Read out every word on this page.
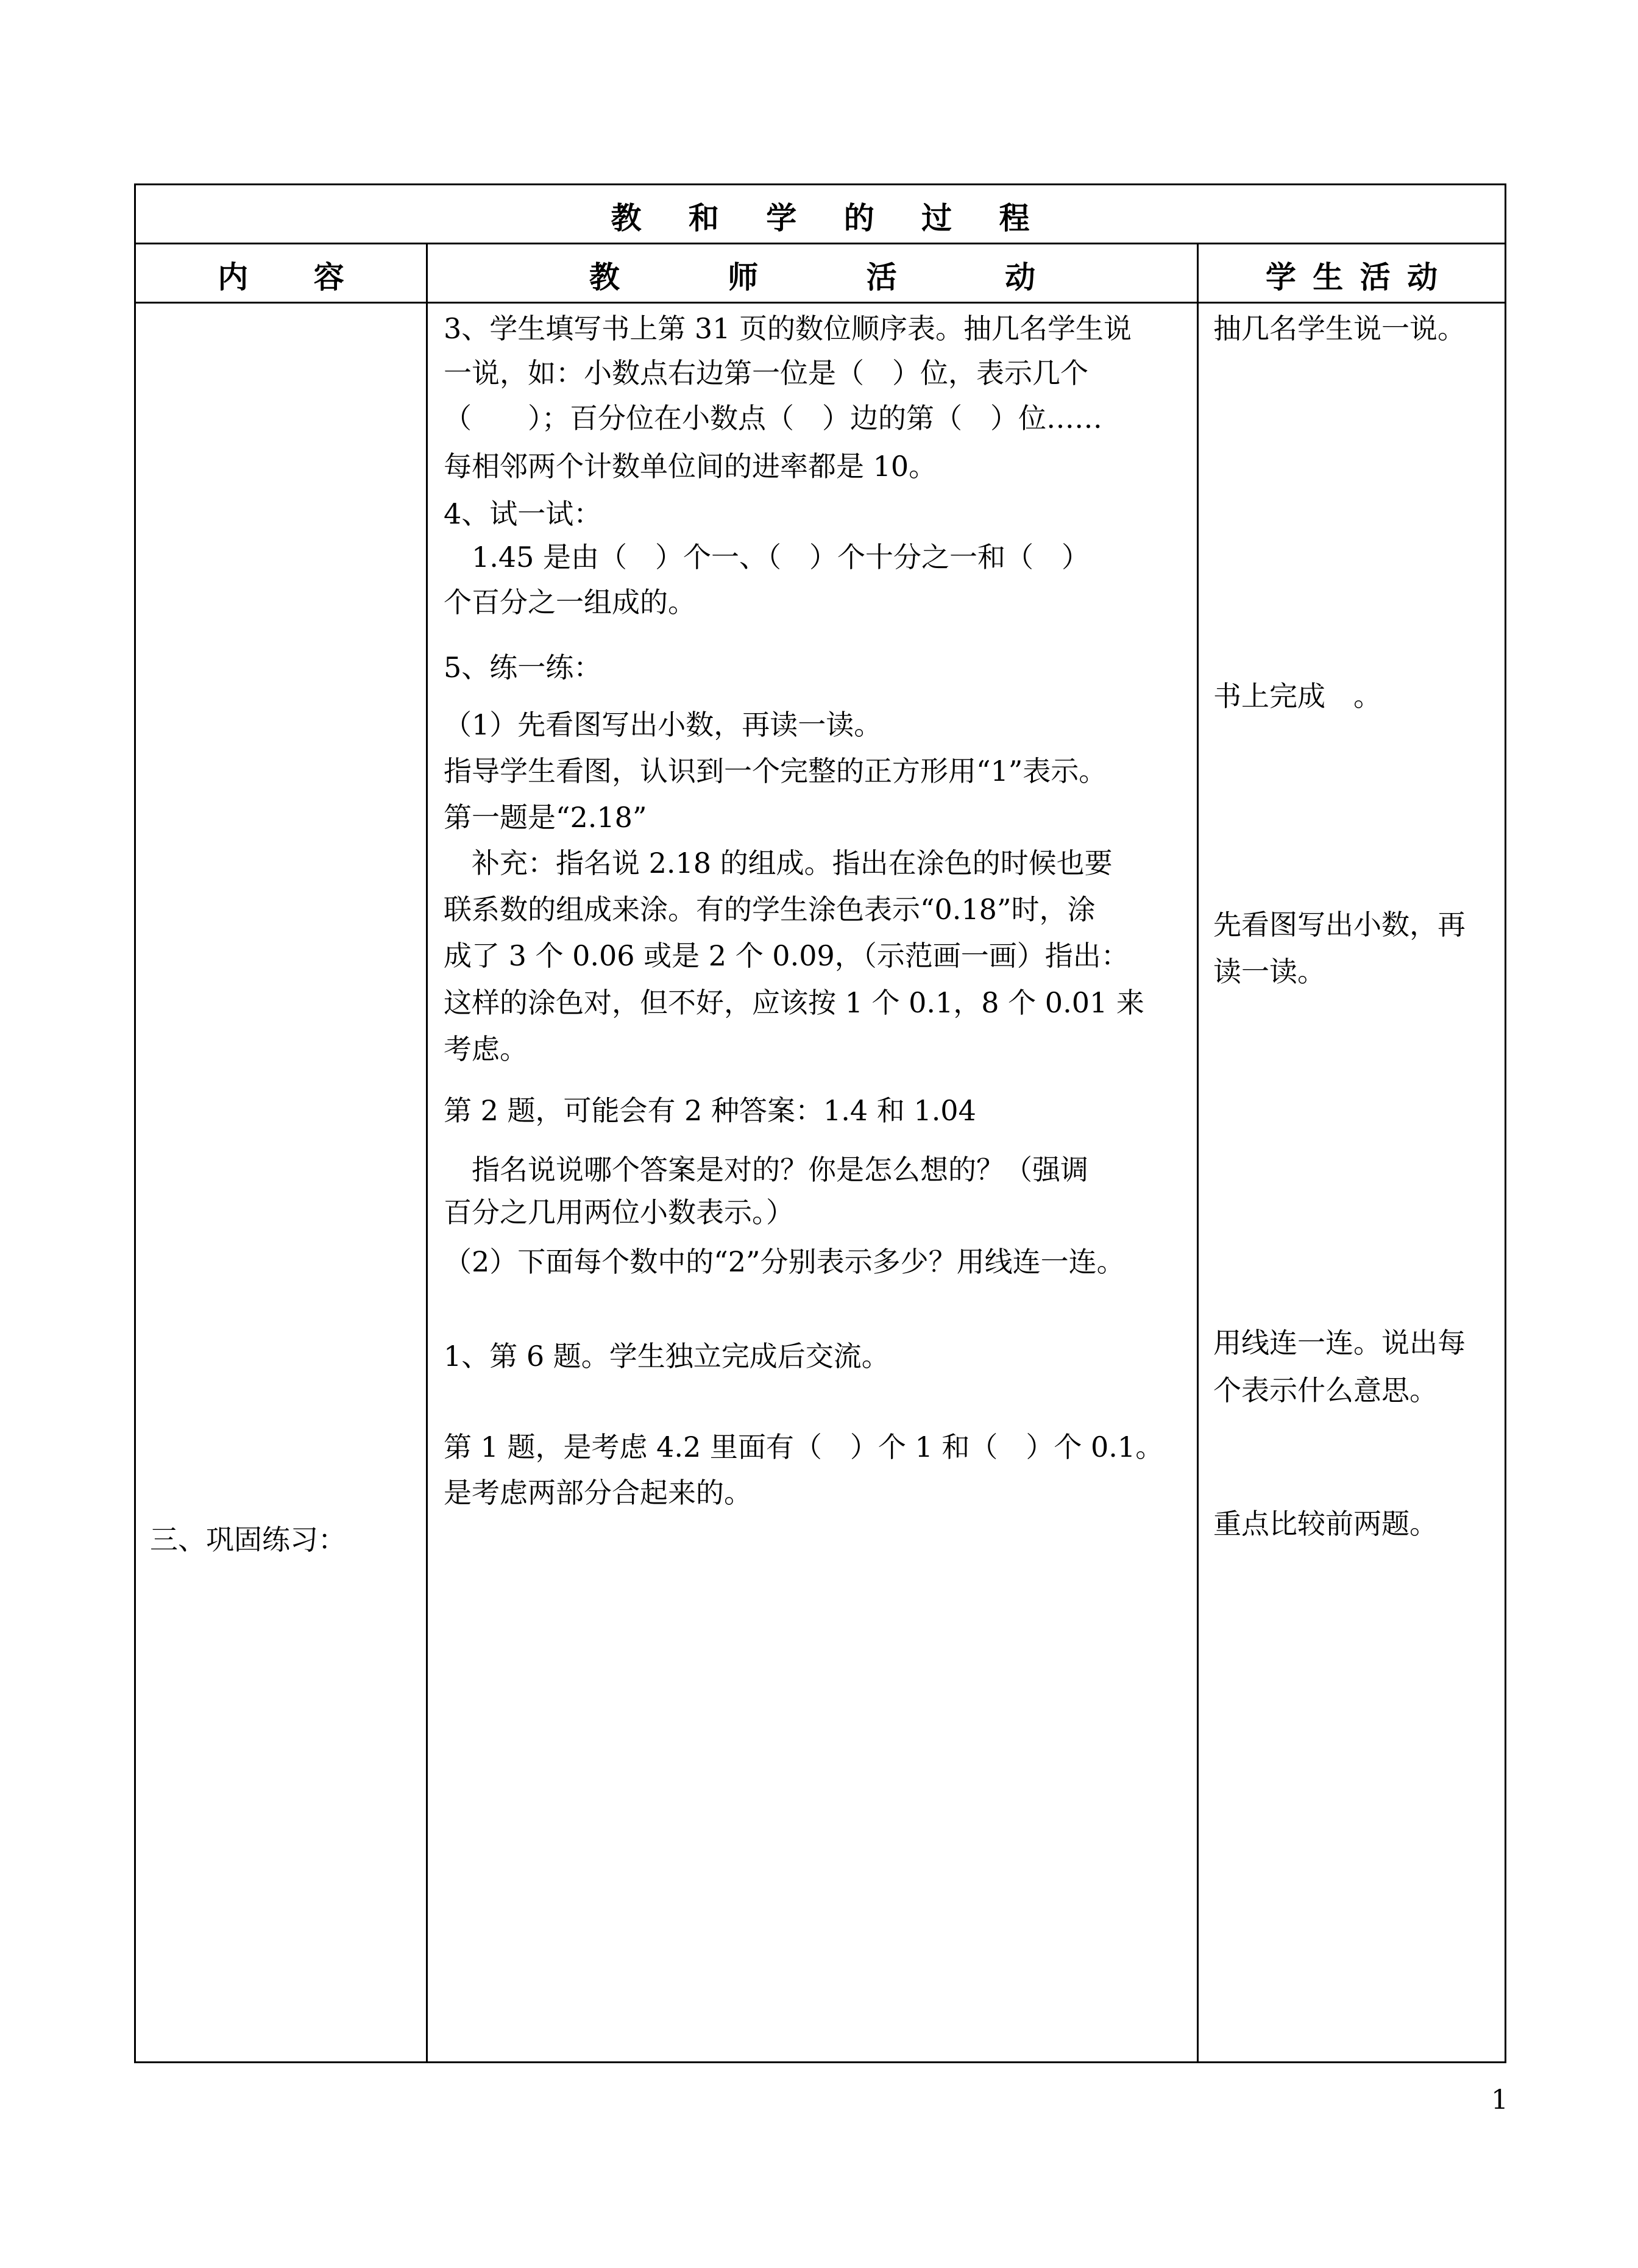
教 和 学 的 过 程
内 容	教 师 活 动	学 生 活 动
三、巩固练习：
3、学生填写书上第 31 页的数位顺序表。抽几名学生说
一说，如：小数点右边第一位是（　）位，表示几个
（　　）；百分位在小数点（　）边的第（　）位……
每相邻两个计数单位间的进率都是 10。
4、试一试：
　1.45 是由（　）个一、（　）个十分之一和（　）
个百分之一组成的。
5、练一练：
（1）先看图写出小数，再读一读。
指导学生看图，认识到一个完整的正方形用“1”表示。
第一题是“2.18”
　补充：指名说 2.18 的组成。指出在涂色的时候也要
联系数的组成来涂。有的学生涂色表示“0.18”时，涂
成了 3 个 0.06 或是 2 个 0.09，（示范画一画）指出：
这样的涂色对，但不好，应该按 1 个 0.1，8 个 0.01 来
考虑。
第 2 题，可能会有 2 种答案：1.4 和 1.04
　指名说说哪个答案是对的？你是怎么想的？（强调
百分之几用两位小数表示。）
（2）下面每个数中的“2”分别表示多少？用线连一连。
1、第 6 题。学生独立完成后交流。
第 1 题，是考虑 4.2 里面有（　）个 1 和（　）个 0.1。
是考虑两部分合起来的。
抽几名学生说一说。
书上完成　。
先看图写出小数，再
读一读。
用线连一连。说出每
个表示什么意思。
重点比较前两题。
1
